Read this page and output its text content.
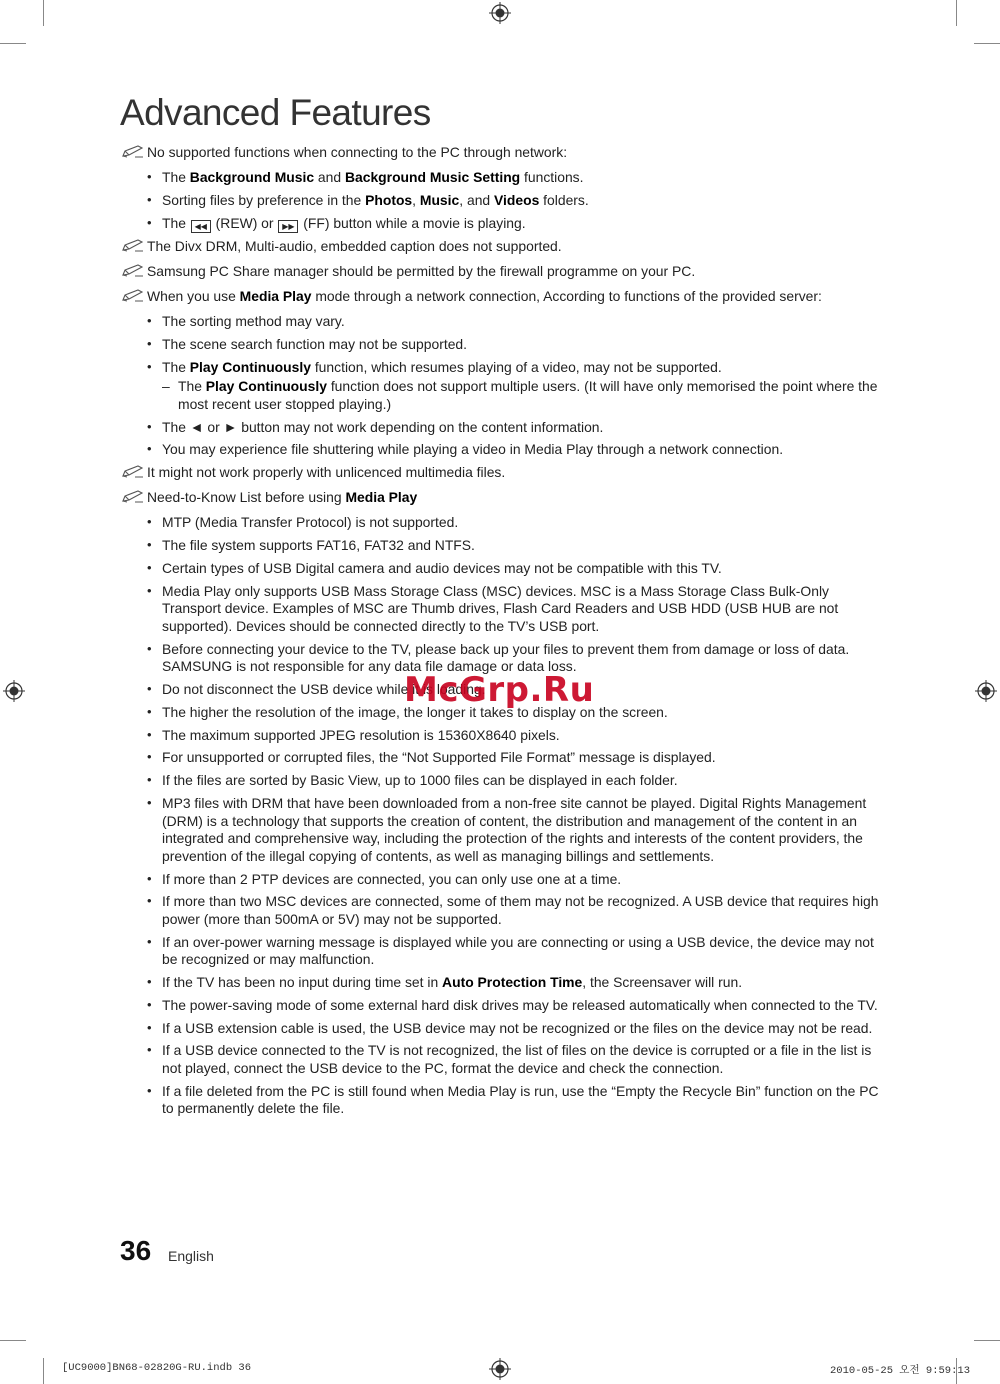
Advanced Features
No supported functions when connecting to the PC through network:
• The Background Music and Background Music Setting functions.
• Sorting files by preference in the Photos, Music, and Videos folders.
• The ◀◀ (REW) or ▶▶ (FF) button while a movie is playing.
The Divx DRM, Multi-audio, embedded caption does not supported.
Samsung PC Share manager should be permitted by the firewall programme on your PC.
When you use Media Play mode through a network connection, According to functions of the provided server:
• The sorting method may vary.
• The scene search function may not be supported.
• The Play Continuously function, which resumes playing of a video, may not be supported.
– The Play Continuously function does not support multiple users. (It will have only memorised the point where the most recent user stopped playing.)
• The ◄ or ► button may not work depending on the content information.
• You may experience file shuttering while playing a video in Media Play through a network connection.
It might not work properly with unlicenced multimedia files.
Need-to-Know List before using Media Play
• MTP (Media Transfer Protocol) is not supported.
• The file system supports FAT16, FAT32 and NTFS.
• Certain types of USB Digital camera and audio devices may not be compatible with this TV.
• Media Play only supports USB Mass Storage Class (MSC) devices. MSC is a Mass Storage Class Bulk-Only Transport device. Examples of MSC are Thumb drives, Flash Card Readers and USB HDD (USB HUB are not supported). Devices should be connected directly to the TV’s USB port.
• Before connecting your device to the TV, please back up your files to prevent them from damage or loss of data. SAMSUNG is not responsible for any data file damage or data loss.
• Do not disconnect the USB device while it is loading.
• The higher the resolution of the image, the longer it takes to display on the screen.
• The maximum supported JPEG resolution is 15360X8640 pixels.
• For unsupported or corrupted files, the “Not Supported File Format” message is displayed.
• If the files are sorted by Basic View, up to 1000 files can be displayed in each folder.
• MP3 files with DRM that have been downloaded from a non-free site cannot be played. Digital Rights Management (DRM) is a technology that supports the creation of content, the distribution and management of the content in an integrated and comprehensive way, including the protection of the rights and interests of the content providers, the prevention of the illegal copying of contents, as well as managing billings and settlements.
• If more than 2 PTP devices are connected, you can only use one at a time.
• If more than two MSC devices are connected, some of them may not be recognized. A USB device that requires high power (more than 500mA or 5V) may not be supported.
• If an over-power warning message is displayed while you are connecting or using a USB device, the device may not be recognized or may malfunction.
• If the TV has been no input during time set in Auto Protection Time, the Screensaver will run.
• The power-saving mode of some external hard disk drives may be released automatically when connected to the TV.
• If a USB extension cable is used, the USB device may not be recognized or the files on the device may not be read.
• If a USB device connected to the TV is not recognized, the list of files on the device is corrupted or a file in the list is not played, connect the USB device to the PC, format the device and check the connection.
• If a file deleted from the PC is still found when Media Play is run, use the “Empty the Recycle Bin” function on the PC to permanently delete the file.
McGrp.Ru
36 English
[UC9000]BN68-02820G-RU.indb 36	2010-05-25 오전 9:59:13
